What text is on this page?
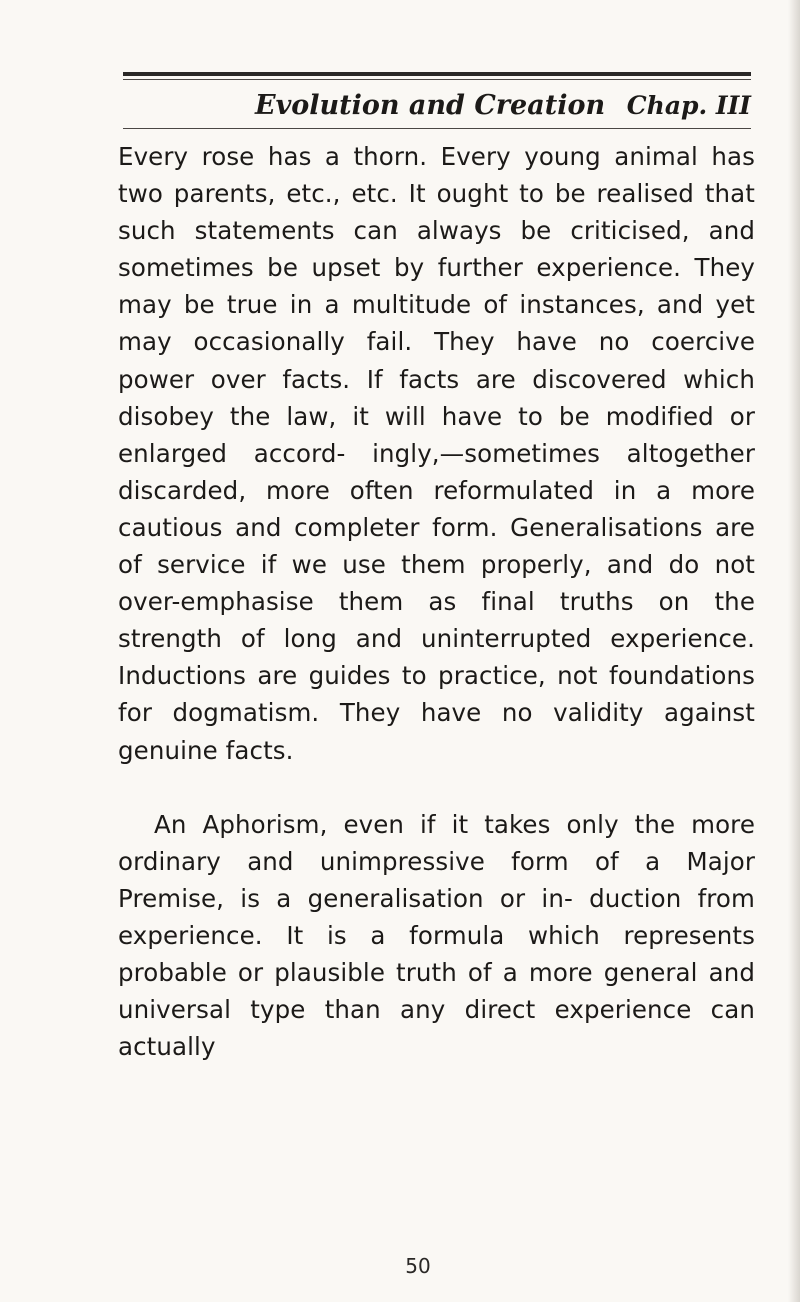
Evolution and Creation Chap. III

Every rose has a thorn. Every young animal has two parents, etc., etc. It ought to be realised that such statements can always be criticised, and sometimes be upset by further experience. They may be true in a multitude of instances, and yet may occasionally fail. They have no coercive power over facts. If facts are discovered which disobey the law, it will have to be modified or enlarged accord- ingly,—sometimes altogether discarded, more often reformulated in a more cautious and completer form. Generalisations are of service if we use them properly, and do not over-emphasise them as final truths on the strength of long and uninterrupted experience. Inductions are guides to practice, not foundations for dogmatism. They have no validity against genuine facts.

An Aphorism, even if it takes only the more ordinary and unimpressive form of a Major Premise, is a generalisation or in- duction from experience. It is a formula which represents probable or plausible truth of a more general and universal type than any direct experience can actually

50
